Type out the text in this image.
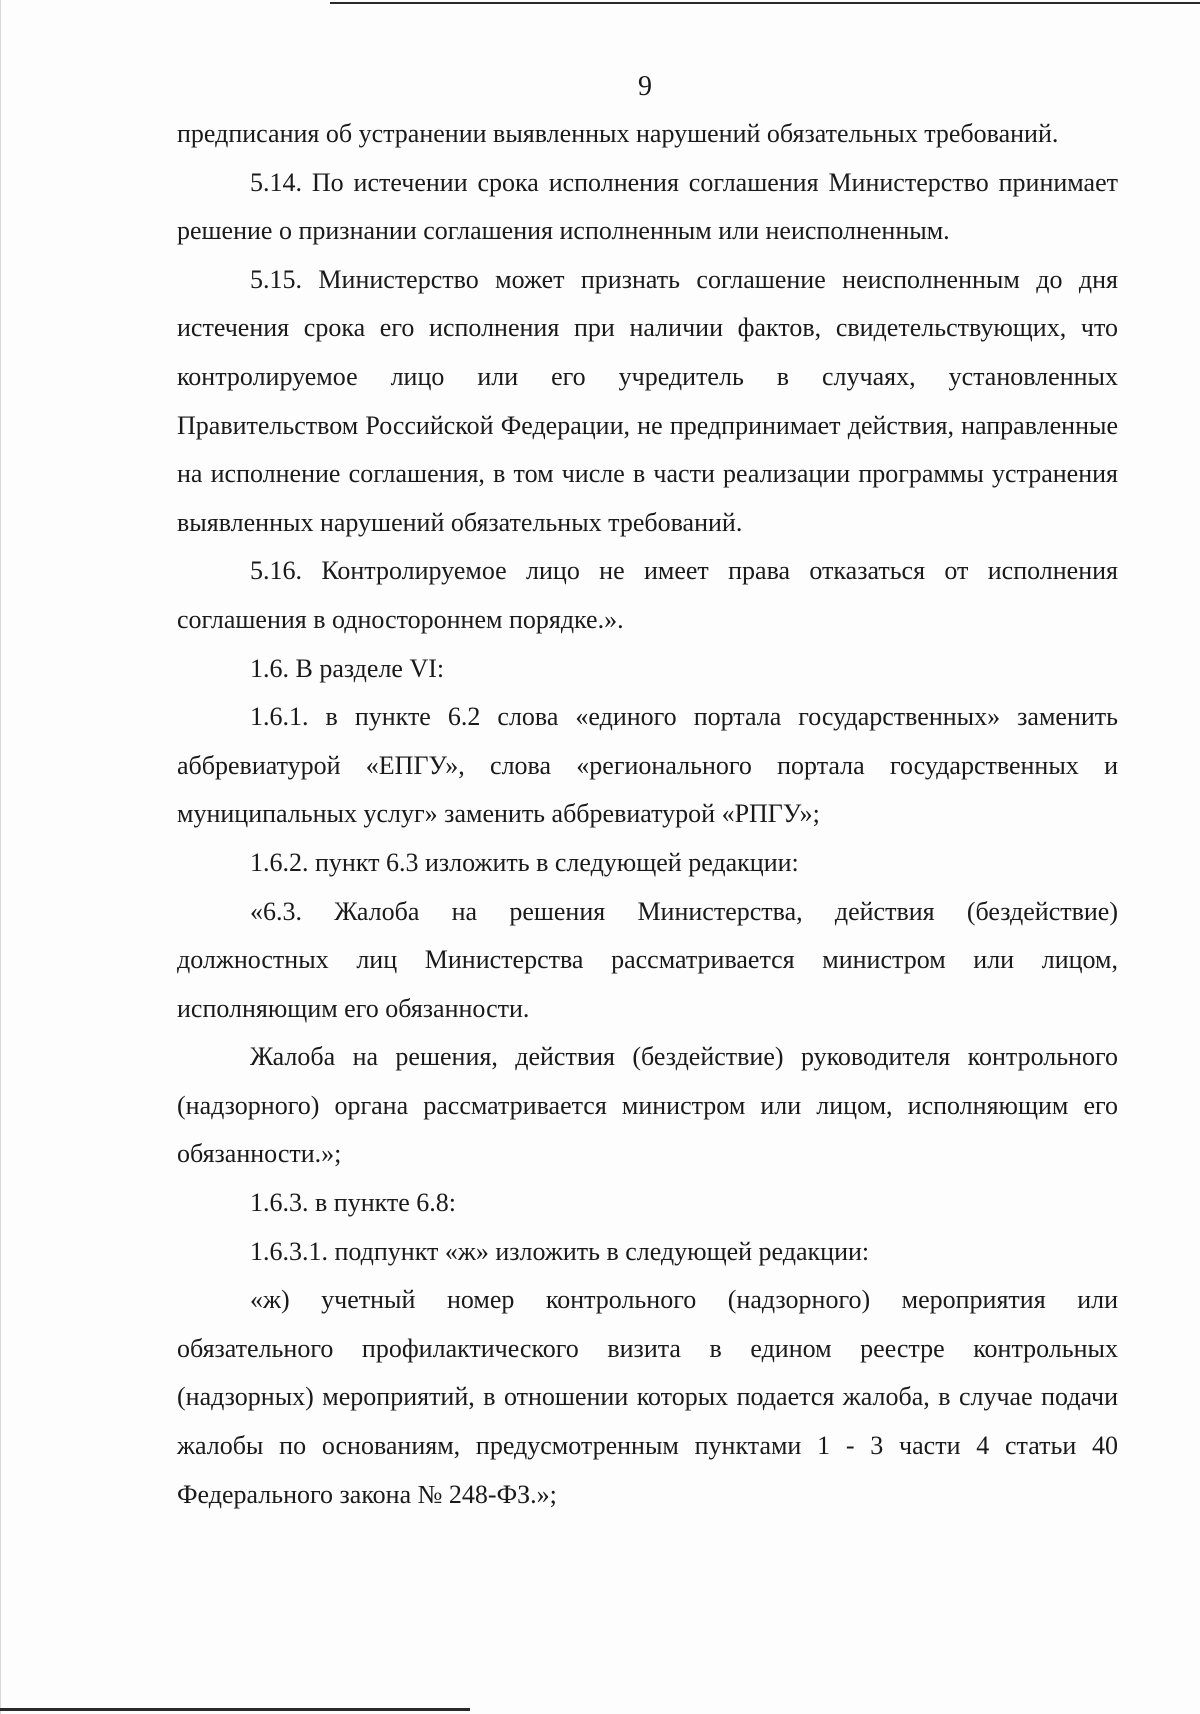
9

предписания об устранении выявленных нарушений обязательных требований.

5.14. По истечении срока исполнения соглашения Министерство принимает решение о признании соглашения исполненным или неисполненным.

5.15. Министерство может признать соглашение неисполненным до дня истечения срока его исполнения при наличии фактов, свидетельствующих, что контролируемое лицо или его учредитель в случаях, установленных Правительством Российской Федерации, не предпринимает действия, направленные на исполнение соглашения, в том числе в части реализации программы устранения выявленных нарушений обязательных требований.

5.16. Контролируемое лицо не имеет права отказаться от исполнения соглашения в одностороннем порядке.».

1.6. В разделе VI:

1.6.1. в пункте 6.2 слова «единого портала государственных» заменить аббревиатурой «ЕПГУ», слова «регионального портала государственных и муниципальных услуг» заменить аббревиатурой «РПГУ»;

1.6.2. пункт 6.3 изложить в следующей редакции:

«6.3. Жалоба на решения Министерства, действия (бездействие) должностных лиц Министерства рассматривается министром или лицом, исполняющим его обязанности.

Жалоба на решения, действия (бездействие) руководителя контрольного (надзорного) органа рассматривается министром или лицом, исполняющим его обязанности.»;

1.6.3. в пункте 6.8:

1.6.3.1. подпункт «ж» изложить в следующей редакции:

«ж) учетный номер контрольного (надзорного) мероприятия или обязательного профилактического визита в едином реестре контрольных (надзорных) мероприятий, в отношении которых подается жалоба, в случае подачи жалобы по основаниям, предусмотренным пунктами 1 - 3 части 4 статьи 40 Федерального закона № 248-ФЗ.»;
